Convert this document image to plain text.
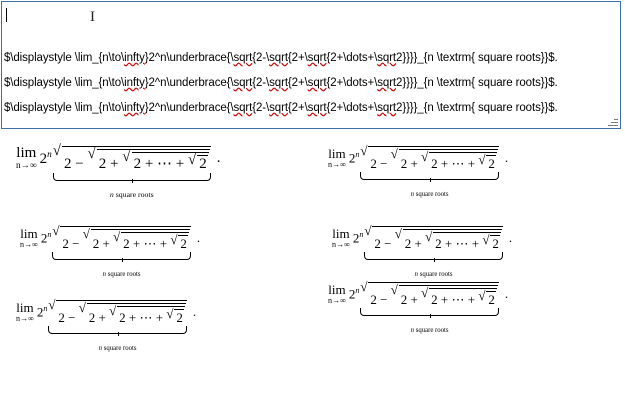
I
$\displaystyle \lim_{n\to\infty}2^n\underbrace{\sqrt{2-\sqrt{2+\sqrt{2+\dots+\sqrt2}}}}_{n \textrm{ square roots}}$.
$\displaystyle \lim_{n\to\infty}2^n\underbrace{\sqrt{2-\sqrt{2+\sqrt{2+\dots+\sqrt2}}}}_{n \textrm{ square roots}}$.
$\displaystyle \lim_{n\to\infty}2^n\underbrace{\sqrt{2-\sqrt{2+\sqrt{2+\dots+\sqrt2}}}}_{n \textrm{ square roots}}$.
lim
n→∞ 2$^n$
√ 2 − √ 2 + √ 2 + ⋯ + √ 2
n square roots
.
lim
n→∞ 2$^n$
√ 2 − √ 2 + √ 2 + ⋯ + √ 2
n square roots
.
lim
n→∞ 2$^n$
√ 2 − √ 2 + √ 2 + ⋯ + √ 2
n square roots
.
lim
n→∞ 2$^n$
√ 2 − √ 2 + √ 2 + ⋯ + √ 2
n square roots
.
lim
n→∞ 2$^n$
√ 2 − √ 2 + √ 2 + ⋯ + √ 2
n square roots
.
lim
n→∞ 2$^n$
√ 2 − √ 2 + √ 2 + ⋯ + √ 2
n square roots
.
